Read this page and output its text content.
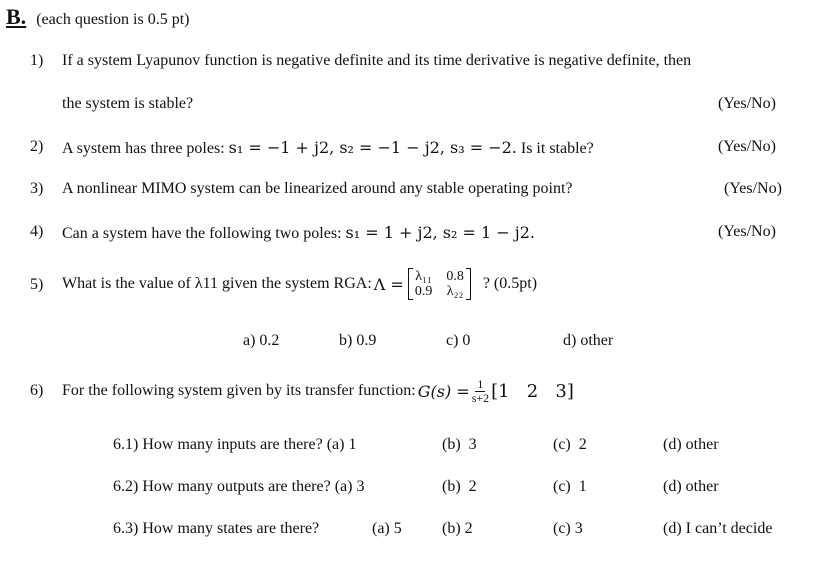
B. (each question is 0.5 pt)
1) If a system Lyapunov function is negative definite and its time derivative is negative definite, then
the system is stable?	(Yes/No)
2) A system has three poles: s₁ = −1 + j2, s₂ = −1 − j2, s₃ = −2. Is it stable?	(Yes/No)
3) A nonlinear MIMO system can be linearized around any stable operating point?	(Yes/No)
4) Can a system have the following two poles: s₁ = 1 + j2, s₂ = 1 − j2.	(Yes/No)
5) What is the value of λ11 given the system RGA: Λ = λ₁₁ 0.8
0.9 λ₂₂ ? (0.5pt)
a) 0.2	b) 0.9	c) 0	d) other
6) For the following system given by its transfer function: $G(s) = \frac{1}{s+2} [1$   2   3]
6.1) How many inputs are there? (a) 1	(b)  3	(c)  2	(d) other
6.2) How many outputs are there? (a) 3	(b)  2	(c)  1	(d) other
6.3) How many states are there?	(a) 5	(b) 2	(c) 3	(d) I can’t decide
